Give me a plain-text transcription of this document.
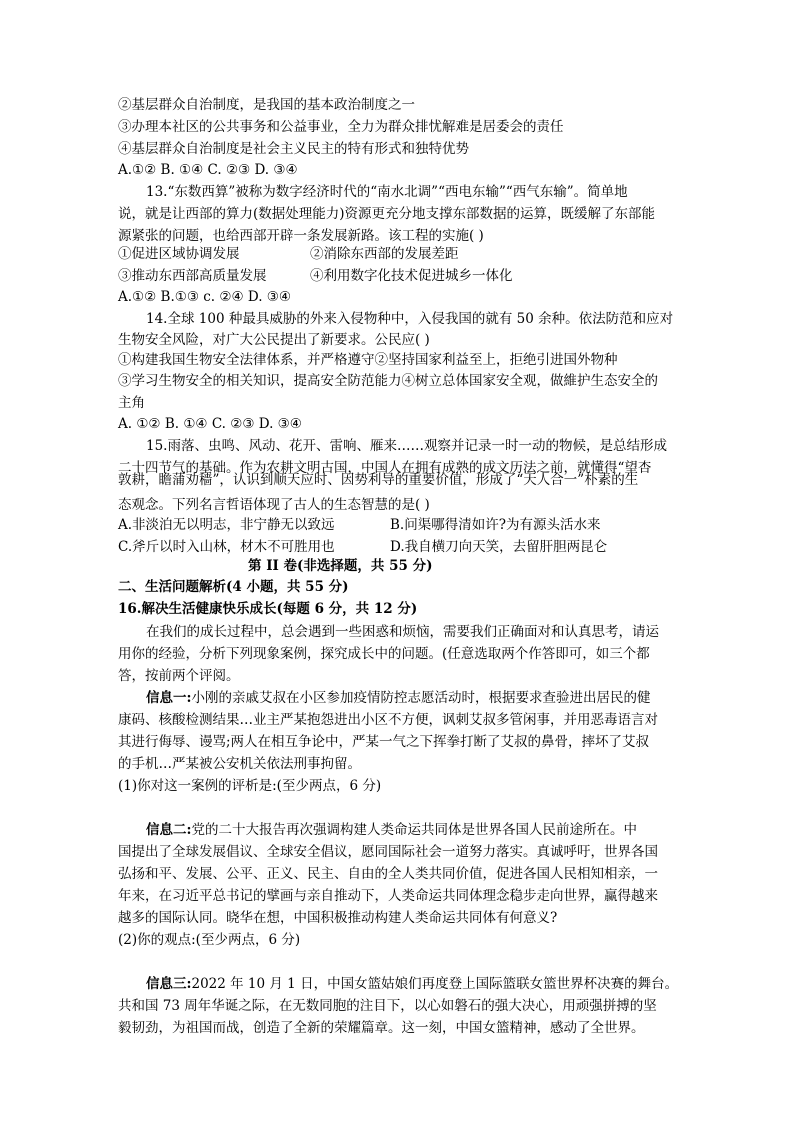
②基层群众自治制度，是我国的基本政治制度之一
③办理本社区的公共事务和公益事业，全力为群众排忧解难是居委会的责任
④基层群众自治制度是社会主义民主的特有形式和独特优势
A.①② B. ①④ C. ②③ D. ③④
13.“东数西算”被称为数字经济时代的“南水北调”“西电东输”“西气东输”。简单地
说，就是让西部的算力(数据处理能力)资源更充分地支撑东部数据的运算，既缓解了东部能
源紧张的问题，也给西部开辟一条发展新路。该工程的实施( )
①促进区域协调发展	②消除东西部的发展差距
③推动东西部高质量发展	④利用数字化技术促进城乡一体化
A.①② B.①③ c. ②④ D. ③④
14.全球 100 种最具威胁的外来入侵物种中，入侵我国的就有 50 余种。依法防范和应对
生物安全风险，对广大公民提出了新要求。公民应( )
①构建我国生物安全法律体系，并严格遵守②坚持国家利益至上，拒绝引进国外物种
③学习生物安全的相关知识，提高安全防范能力④树立总体国家安全观，做維护生态安全的
主角
A. ①② B. ①④ C. ②③ D. ③④
15.雨落、虫鸣、风动、花开、雷响、雁来……观察并记录一时一动的物候，是总结形成
二十四节气的基础。作为农耕文明古国，中国人在拥有成熟的成文历法之前，就懂得“望杏
敦耕，瞻蒲劝穑”，认识到顺天应时、因势利导的重要价值，形成了“天人合一”朴素的生
态观念。下列名言哲语体现了古人的生态智慧的是( )
A.非淡泊无以明志，非宁静无以致远	B.问渠哪得清如许?为有源头活水来
C.斧斤以时入山林，材木不可胜用也	D.我自横刀向天笑，去留肝胆两昆仑
第 II 卷(非选择题，共 55 分)
二、生活问题解析(4 小题，共 55 分)
16.解决生活健康快乐成长(每题 6 分，共 12 分)
在我们的成长过程中，总会遇到一些困惑和烦恼，需要我们正确面对和认真思考，请运
用你的经验，分析下列现象案例，探究成长中的问题。(任意选取两个作答即可，如三个都
答，按前两个评阅。
信息一:小刚的亲戚艾叔在小区参加疫情防控志愿活动时，根据要求查验进出居民的健
康码、核酸检测结果…业主严某抱怨进出小区不方便，讽刺艾叔多管闲事，并用恶毒语言对
其进行侮辱、谩骂;两人在相互争论中，严某一气之下挥拳打断了艾叔的鼻骨，摔坏了艾叔
的手机…严某被公安机关依法刑事拘留。
(1)你对这一案例的评析是:(至少两点，6 分)
信息二:党的二十大报告再次强调构建人类命运共同体是世界各国人民前途所在。中
国提出了全球发展倡议、全球安全倡议，愿同国际社会一道努力落实。真诚呼吁，世界各国
弘扬和平、发展、公平、正义、民主、自由的全人类共同价值，促进各国人民相知相亲，一
年来，在习近平总书记的擘画与亲自推动下，人类命运共同体理念稳步走向世界，赢得越来
越多的国际认同。晓华在想，中国积极推动构建人类命运共同体有何意义?
(2)你的观点:(至少两点，6 分)
信息三:2022 年 10 月 1 日，中国女篮姑娘们再度登上国际篮联女篮世界杯决赛的舞台。
共和国 73 周年华诞之际，在无数同胞的注目下，以心如磐石的强大决心，用顽强拼搏的坚
毅韧劲，为祖国而战，创造了全新的荣耀篇章。这一刻，中国女篮精神，感动了全世界。
